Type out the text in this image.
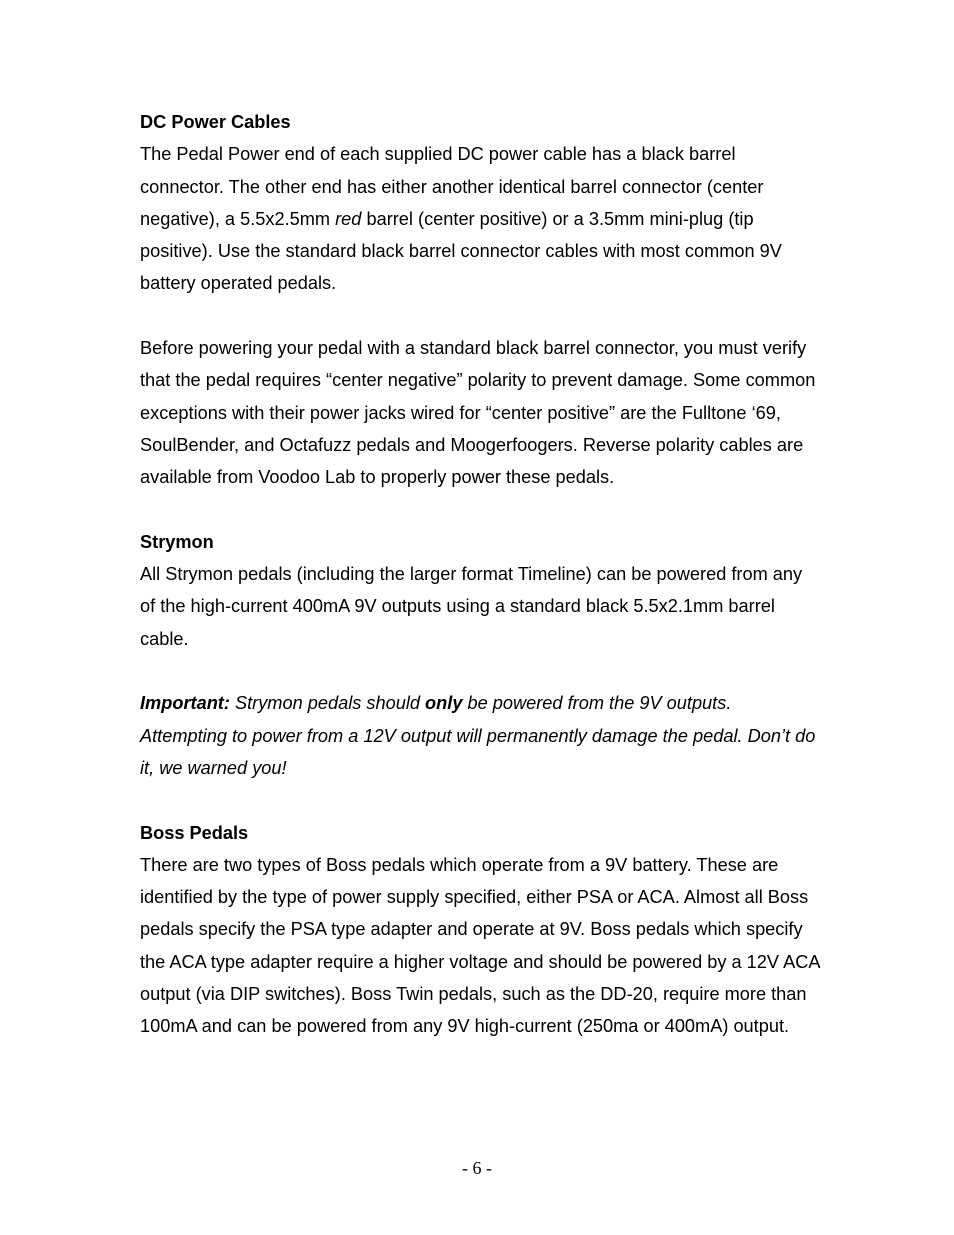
DC Power Cables

The Pedal Power end of each supplied DC power cable has a black barrel connector. The other end has either another identical barrel connector (center negative), a 5.5x2.5mm red barrel (center positive) or a 3.5mm mini-plug (tip positive). Use the standard black barrel connector cables with most common 9V battery operated pedals.

Before powering your pedal with a standard black barrel connector, you must verify that the pedal requires “center negative” polarity to prevent damage. Some common exceptions with their power jacks wired for “center positive” are the Fulltone ‘69, SoulBender, and Octafuzz pedals and Moogerfoogers. Reverse polarity cables are available from Voodoo Lab to properly power these pedals.

Strymon

All Strymon pedals (including the larger format Timeline) can be powered from any of the high-current 400mA 9V outputs using a standard black 5.5x2.1mm barrel cable.

Important: Strymon pedals should only be powered from the 9V outputs. Attempting to power from a 12V output will permanently damage the pedal. Don’t do it, we warned you!

Boss Pedals

There are two types of Boss pedals which operate from a 9V battery. These are identified by the type of power supply specified, either PSA or ACA. Almost all Boss pedals specify the PSA type adapter and operate at 9V. Boss pedals which specify the ACA type adapter require a higher voltage and should be powered by a 12V ACA output (via DIP switches). Boss Twin pedals, such as the DD-20, require more than 100mA and can be powered from any 9V high-current (250ma or 400mA) output.

- 6 -
